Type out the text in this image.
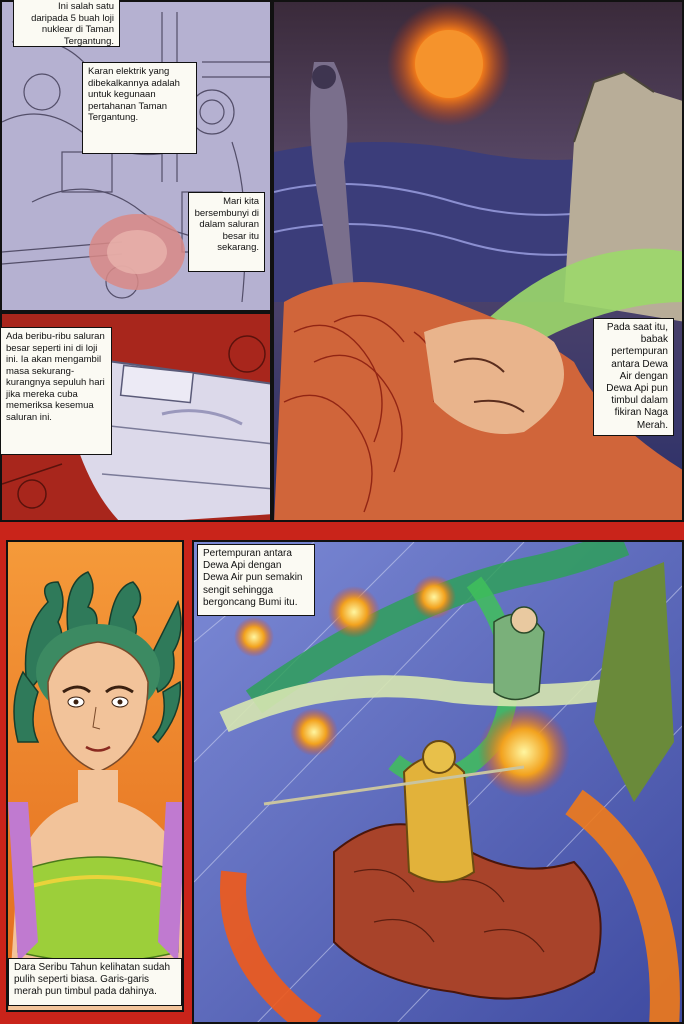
Ini salah satu daripada 5 buah loji nuklear di Taman Tergantung.
Karan elektrik yang dibekalkannya adalah untuk kegunaan pertahanan Taman Tergantung.
Mari kita bersembunyi di dalam saluran besar itu sekarang.
Pada saat itu, babak pertempuran antara Dewa Air dengan Dewa Api pun timbul dalam fikiran Naga Merah.
Ada beribu-ribu saluran besar seperti ini di loji ini. Ia akan mengambil masa sekurang-kurangnya sepuluh hari jika mereka cuba memeriksa kesemua saluran ini.
Dara Seribu Tahun kelihatan sudah pulih seperti biasa. Garis-garis merah pun timbul pada dahinya.
Pertempuran antara Dewa Api dengan Dewa Air pun semakin sengit sehingga bergoncang Bumi itu.
